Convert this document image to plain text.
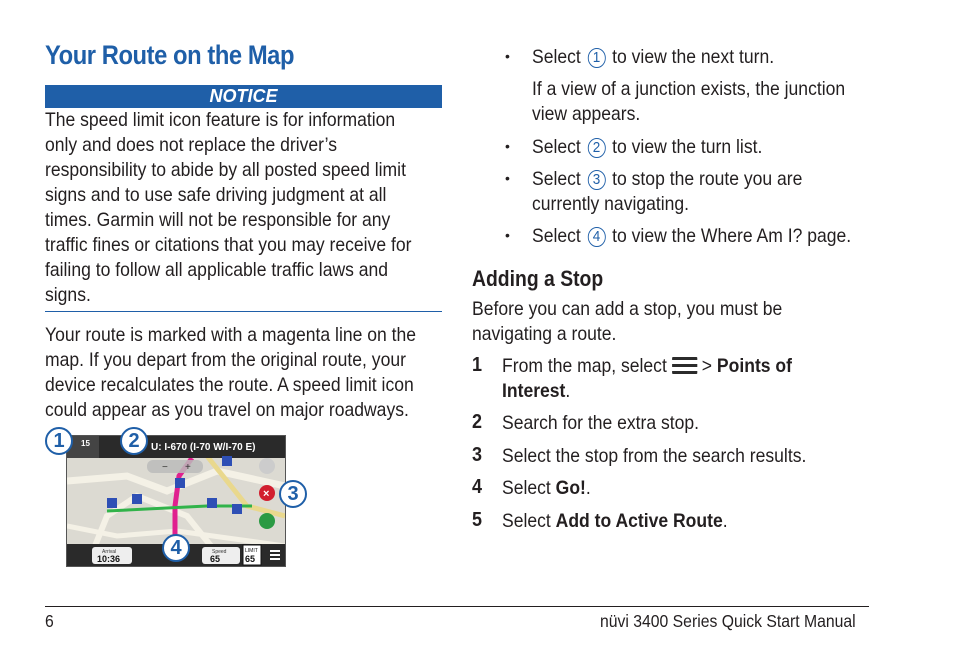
Your Route on the Map
NOTICE
The speed limit icon feature is for information
only and does not replace the driver’s
responsibility to abide by all posted speed limit
signs and to use safe driving judgment at all
times. Garmin will not be responsible for any
traffic fines or citations that you may receive for
failing to follow all applicable traffic laws and
signs.
Your route is marked with a magenta line on the
map. If you depart from the original route, your
device recalculates the route. A speed limit icon
could appear as you travel on major roadways.
15	U: I-670 (I-70 W/I-70 E)
− +
×
Arrival
10:36
Speed
65
LIMIT
65
1	2
3
4
• Select 1 to view the next turn.
If a view of a junction exists, the junction
view appears.
• Select 2 to view the turn list.
• Select 3 to stop the route you are
currently navigating.
• Select 4 to view the Where Am I? page.
Adding a Stop
Before you can add a stop, you must be
navigating a route.
1 From the map, select > Points of
Interest.
2 Search for the extra stop.
3 Select the stop from the search results.
4 Select Go!.
5 Select Add to Active Route.
6	nüvi 3400 Series Quick Start Manual
